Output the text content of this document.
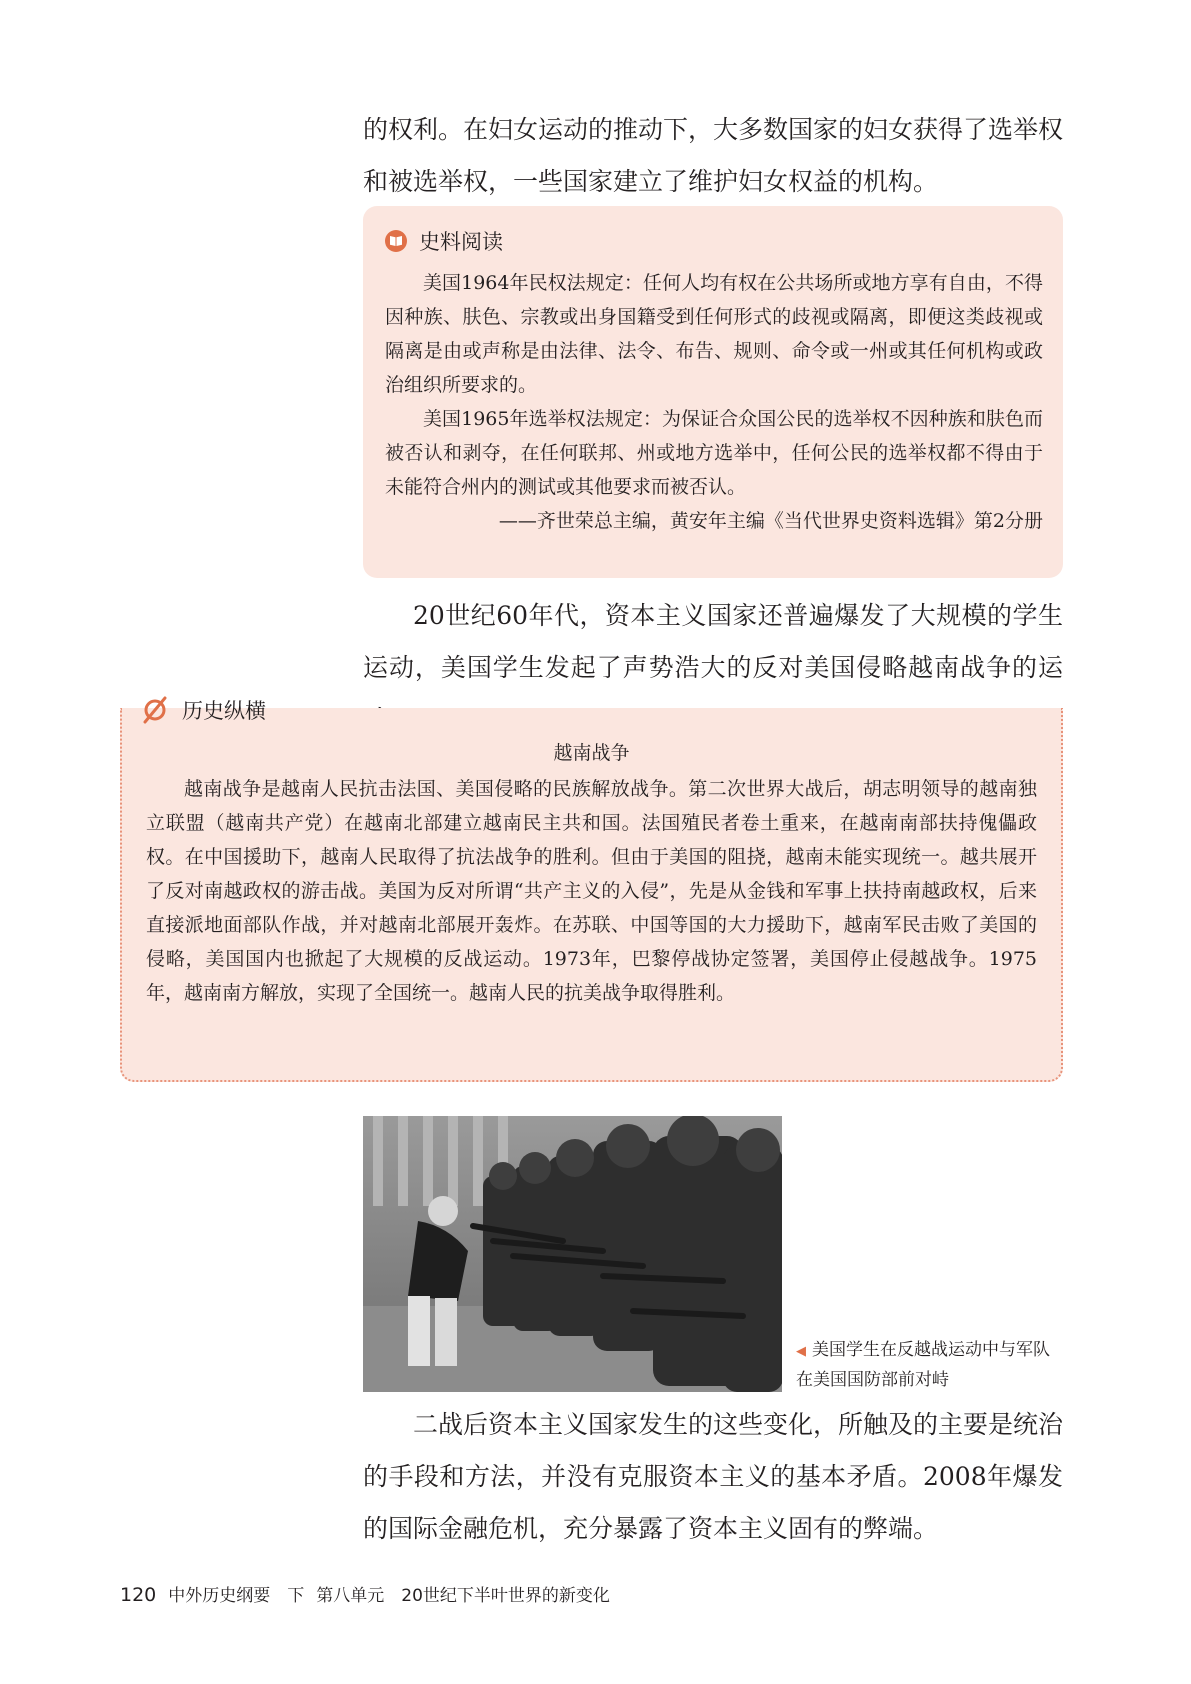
的权利。在妇女运动的推动下，大多数国家的妇女获得了选举权和被选举权，一些国家建立了维护妇女权益的机构。

史料阅读

美国1964年民权法规定：任何人均有权在公共场所或地方享有自由，不得因种族、肤色、宗教或出身国籍受到任何形式的歧视或隔离，即便这类歧视或隔离是由或声称是由法律、法令、布告、规则、命令或一州或其任何机构或政治组织所要求的。

美国1965年选举权法规定：为保证合众国公民的选举权不因种族和肤色而被否认和剥夺，在任何联邦、州或地方选举中，任何公民的选举权都不得由于未能符合州内的测试或其他要求而被否认。

——齐世荣总主编，黄安年主编《当代世界史资料选辑》第2分册

20世纪60年代，资本主义国家还普遍爆发了大规模的学生运动，美国学生发起了声势浩大的反对美国侵略越南战争的运

越南战争

越南战争是越南人民抗击法国、美国侵略的民族解放战争。第二次世界大战后，胡志明领导的越南独立联盟（越南共产党）在越南北部建立越南民主共和国。法国殖民者卷土重来，在越南南部扶持傀儡政权。在中国援助下，越南人民取得了抗法战争的胜利。但由于美国的阻挠，越南未能实现统一。越共展开了反对南越政权的游击战。美国为反对所谓“共产主义的入侵”，先是从金钱和军事上扶持南越政权，后来直接派地面部队作战，并对越南北部展开轰炸。在苏联、中国等国的大力援助下，越南军民击败了美国的侵略，美国国内也掀起了大规模的反战运动。1973年，巴黎停战协定签署，美国停止侵越战争。1975年，越南南方解放，实现了全国统一。越南人民的抗美战争取得胜利。

历史纵横
◀ 美国学生在反越战运动中与军队在美国国防部前对峙

二战后资本主义国家发生的这些变化，所触及的主要是统治的手段和方法，并没有克服资本主义的基本矛盾。2008年爆发的国际金融危机，充分暴露了资本主义固有的弊端。

120 中外历史纲要　下 第八单元　20世纪下半叶世界的新变化
